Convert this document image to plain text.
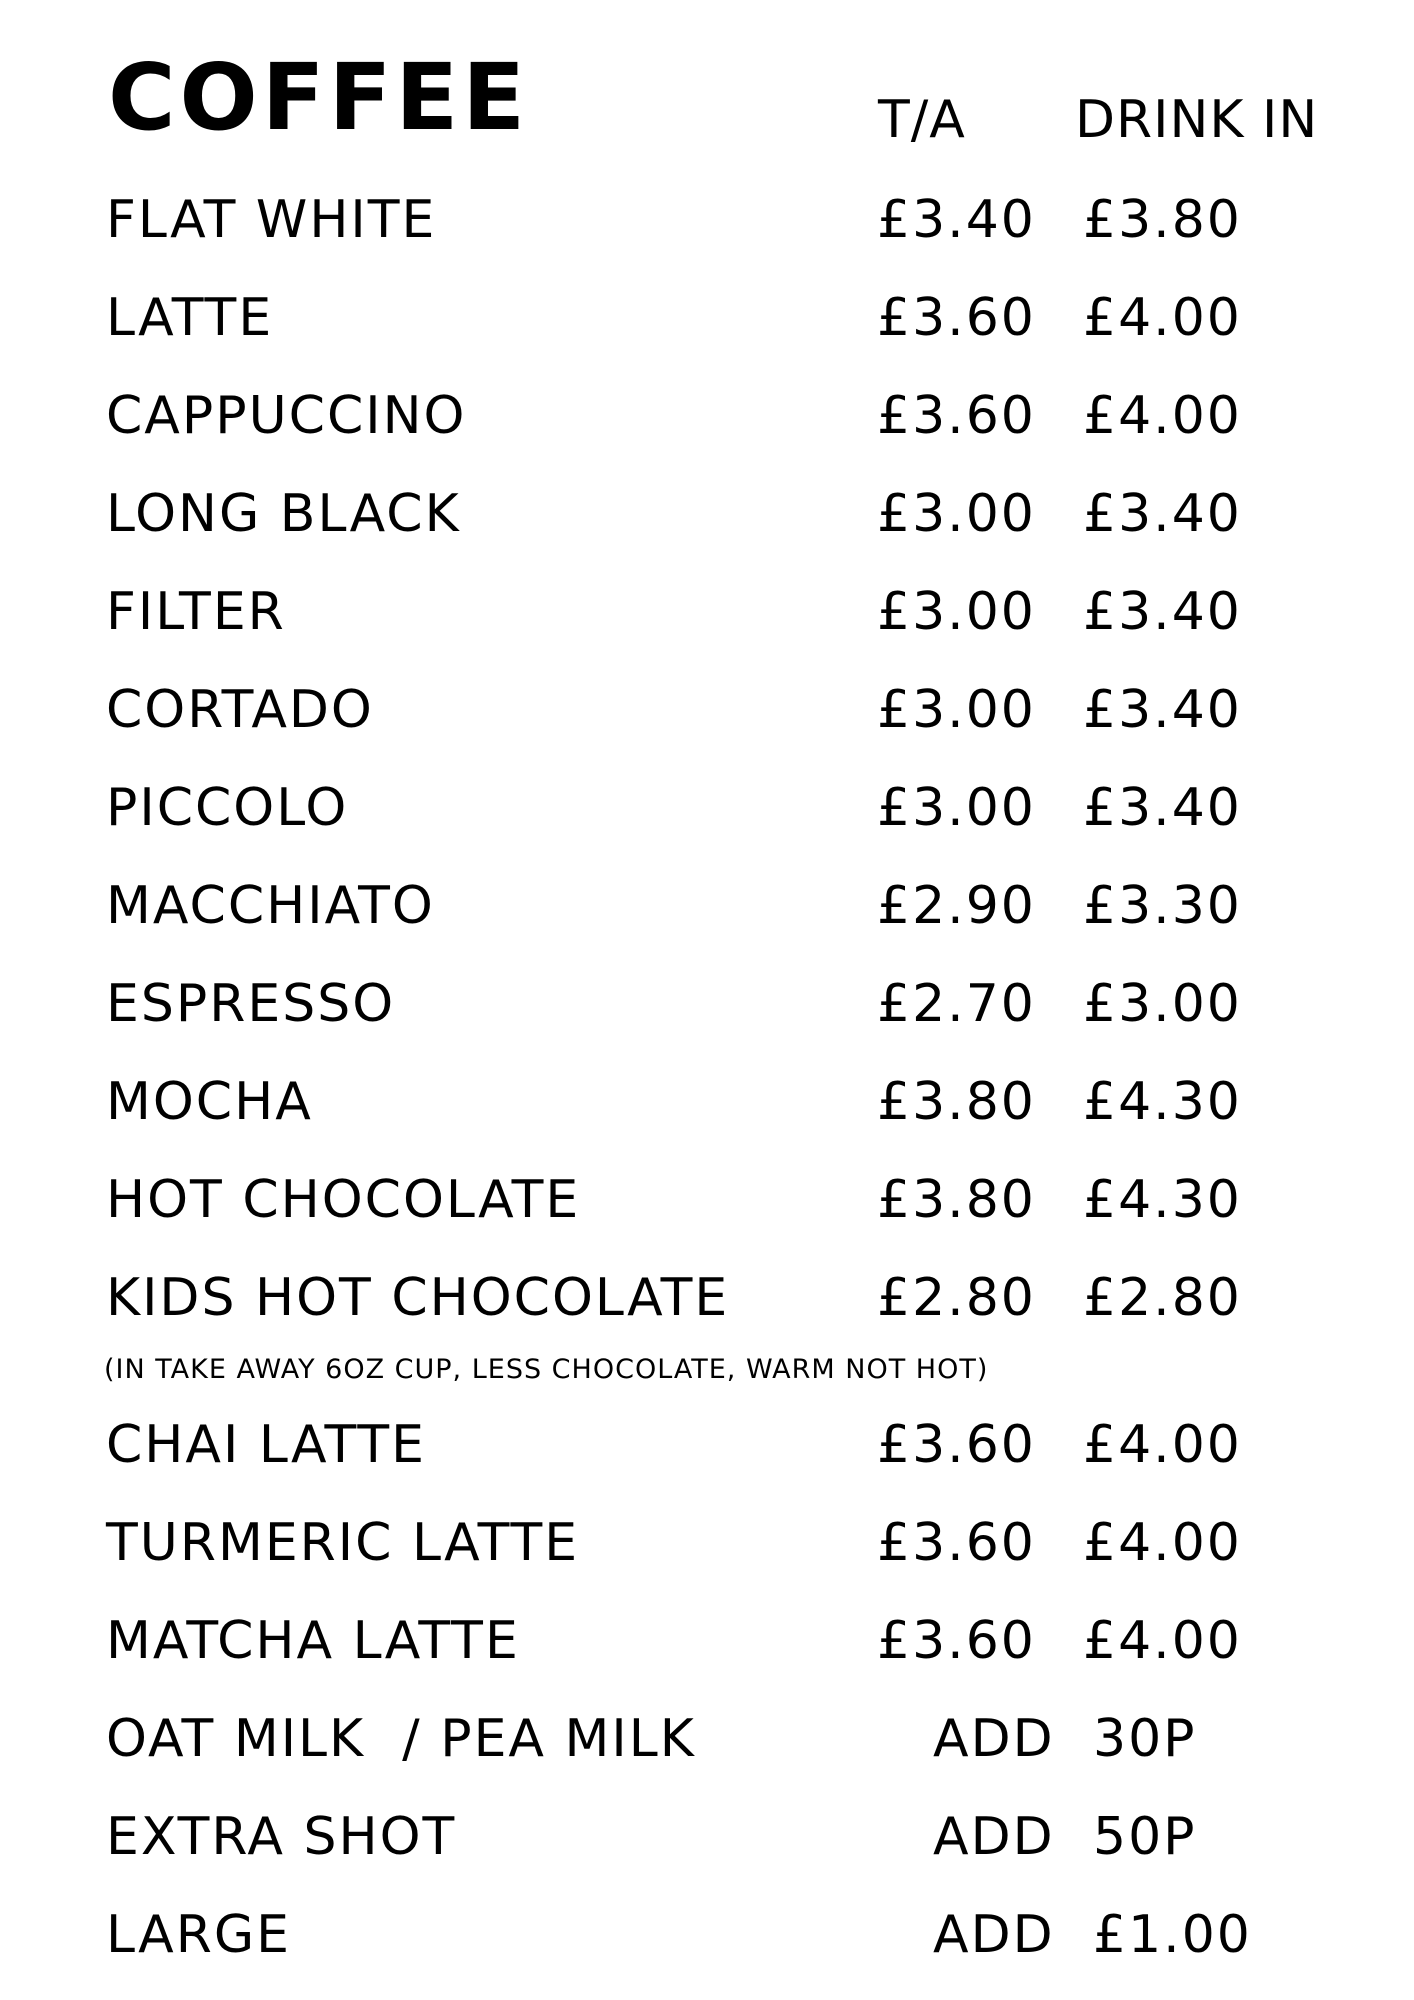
COFFEE	T/A DRINK IN
FLAT WHITE	£3.40 £3.80
LATTE	£3.60 £4.00
CAPPUCCINO	£3.60 £4.00
LONG BLACK	£3.00 £3.40
FILTER	£3.00 £3.40
CORTADO	£3.00 £3.40
PICCOLO	£3.00 £3.40
MACCHIATO	£2.90 £3.30
ESPRESSO	£2.70 £3.00
MOCHA	£3.80 £4.30
HOT CHOCOLATE	£3.80 £4.30
KIDS HOT CHOCOLATE	£2.80 £2.80
(IN TAKE AWAY 6OZ CUP, LESS CHOCOLATE, WARM NOT HOT)
CHAI LATTE	£3.60 £4.00
TURMERIC LATTE	£3.60 £4.00
MATCHA LATTE	£3.60 £4.00
OAT MILK  / PEA MILK	ADD 30P
EXTRA SHOT	ADD 50P
LARGE	ADD £1.00
